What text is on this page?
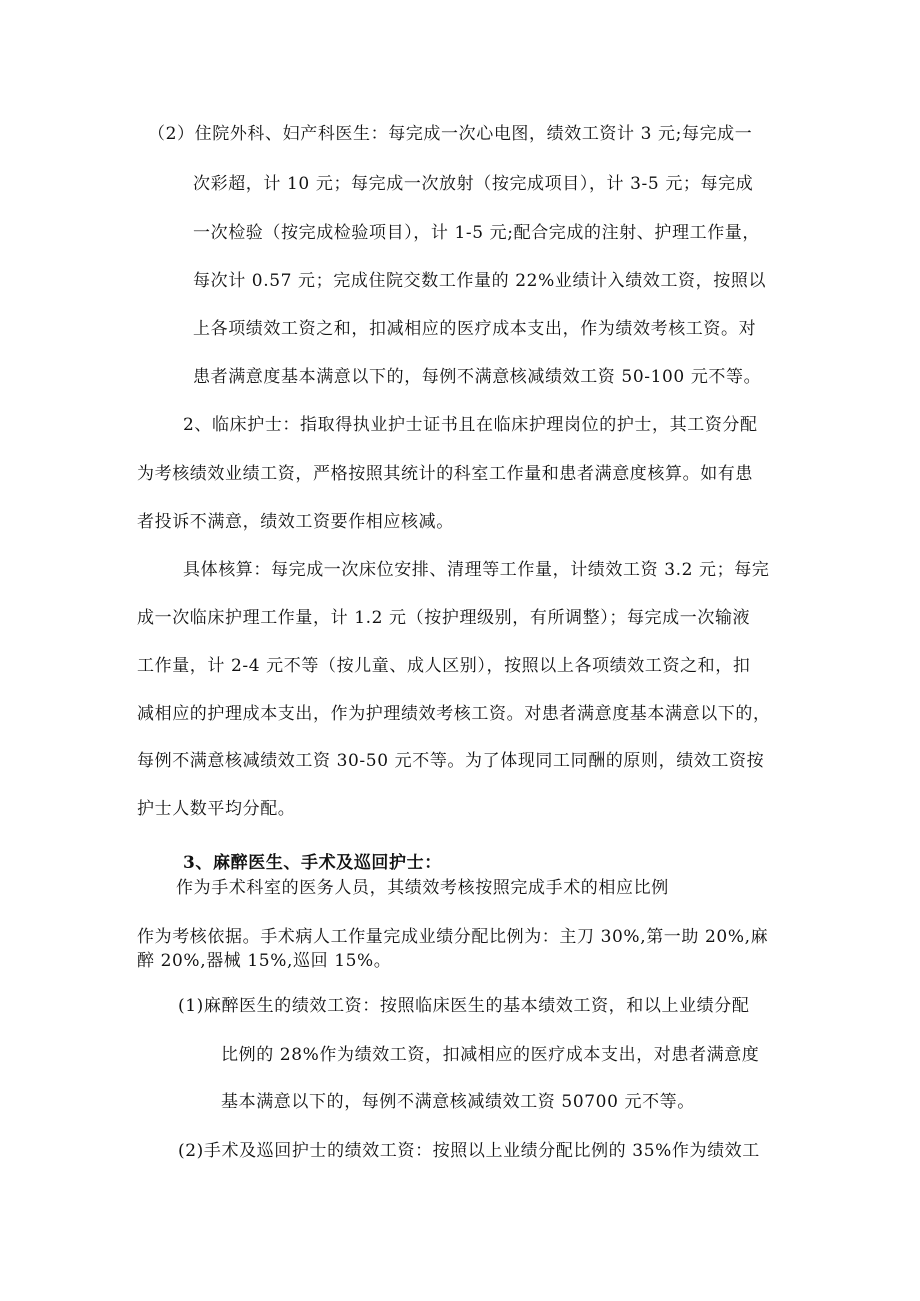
（2）住院外科、妇产科医生：每完成一次心电图，绩效工资计 3 元;每完成一
次彩超，计 10 元；每完成一次放射（按完成项目），计 3-5 元；每完成
一次检验（按完成检验项目），计 1-5 元;配合完成的注射、护理工作量，
每次计 0.57 元；完成住院交数工作量的 22%业绩计入绩效工资，按照以
上各项绩效工资之和，扣减相应的医疗成本支出，作为绩效考核工资。对
患者满意度基本满意以下的，每例不满意核减绩效工资 50-100 元不等。
2、临床护士：指取得执业护士证书且在临床护理岗位的护士，其工资分配
为考核绩效业绩工资，严格按照其统计的科室工作量和患者满意度核算。如有患
者投诉不满意，绩效工资要作相应核减。
具体核算：每完成一次床位安排、清理等工作量，计绩效工资 3.2 元；每完
成一次临床护理工作量，计 1.2 元（按护理级别，有所调整）；每完成一次输液
工作量，计 2-4 元不等（按儿童、成人区别），按照以上各项绩效工资之和，扣
减相应的护理成本支出，作为护理绩效考核工资。对患者满意度基本满意以下的，
每例不满意核减绩效工资 30-50 元不等。为了体现同工同酬的原则，绩效工资按
护士人数平均分配。
3、麻醉医生、手术及巡回护士：
作为手术科室的医务人员，其绩效考核按照完成手术的相应比例
作为考核依据。手术病人工作量完成业绩分配比例为：主刀 30%,第一助 20%,麻
醉 20%,器械 15%,巡回 15%。
(1)麻醉医生的绩效工资：按照临床医生的基本绩效工资，和以上业绩分配
比例的 28%作为绩效工资，扣减相应的医疗成本支出，对患者满意度
基本满意以下的，每例不满意核减绩效工资 50700 元不等。
(2)手术及巡回护士的绩效工资：按照以上业绩分配比例的 35%作为绩效工
